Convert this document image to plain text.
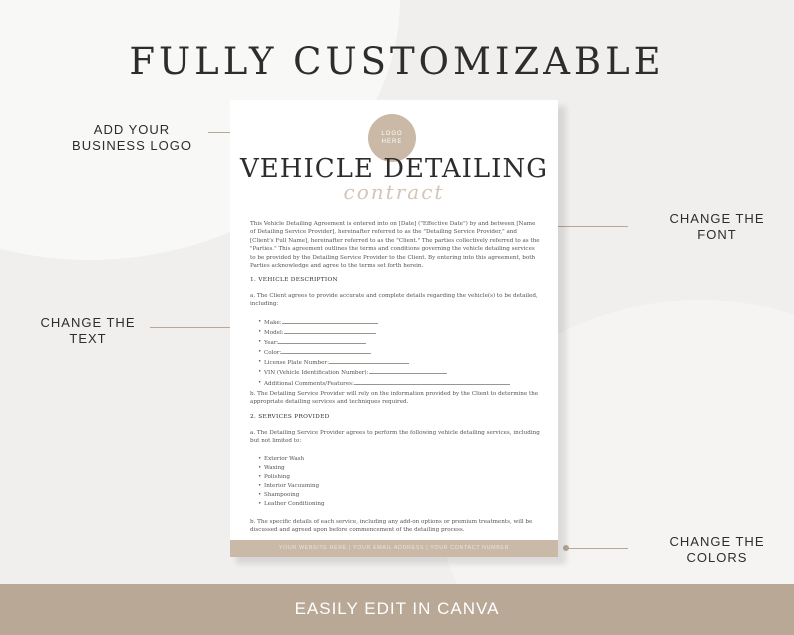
FULLY CUSTOMIZABLE
ADD YOUR
BUSINESS LOGO
CHANGE THE
TEXT
CHANGE THE
FONT
CHANGE THE
COLORS
LOGO
HERE
VEHICLE DETAILING
contract

This Vehicle Detailing Agreement is entered into on [Date] ("Effective Date") by and between [Name of Detailing Service Provider], hereinafter referred to as the "Detailing Service Provider," and [Client's Full Name], hereinafter referred to as the "Client." The parties collectively referred to as the "Parties." This agreement outlines the terms and conditions governing the vehicle detailing services to be provided by the Detailing Service Provider to the Client. By entering into this agreement, both Parties acknowledge and agree to the terms set forth herein.

1. VEHICLE DESCRIPTION

a. The Client agrees to provide accurate and complete details regarding the vehicle(s) to be detailed, including:

• Make:
• Model:
• Year:
• Color:
• License Plate Number:
• VIN (Vehicle Identification Number):
• Additional Comments/Features:

b. The Detailing Service Provider will rely on the information provided by the Client to determine the appropriate detailing services and techniques required.

2. SERVICES PROVIDED

a. The Detailing Service Provider agrees to perform the following vehicle detailing services, including but not limited to:

• Exterior Wash
• Waxing
• Polishing
• Interior Vacuuming
• Shampooing
• Leather Conditioning

b. The specific details of each service, including any add-on options or premium treatments, will be discussed and agreed upon before commencement of the detailing process.

YOUR WEBSITE HERE | YOUR EMAIL ADDRESS | YOUR CONTACT NUMBER
EASILY EDIT IN CANVA
